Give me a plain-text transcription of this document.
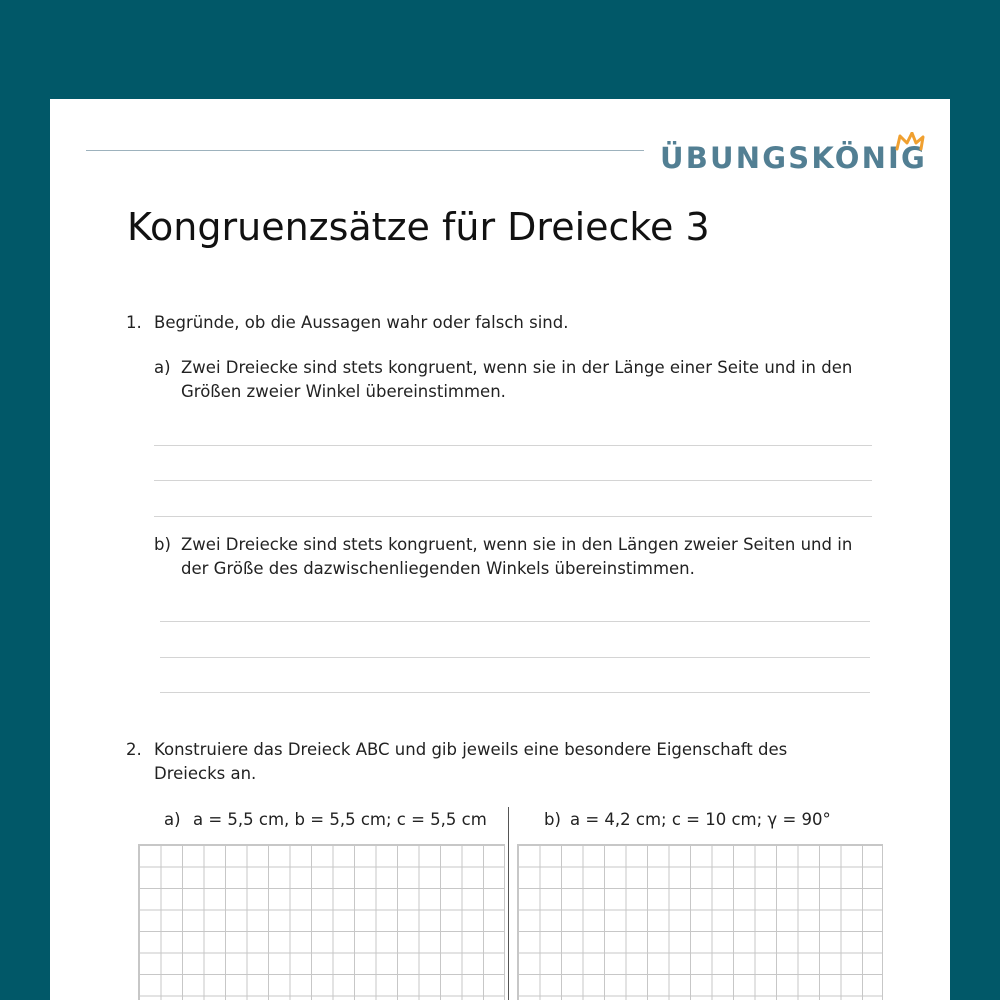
ÜBUNGSKÖNIG
Kongruenzsätze für Dreiecke 3
1. Begründe, ob die Aussagen wahr oder falsch sind.
a) Zwei Dreiecke sind stets kongruent, wenn sie in der Länge einer Seite und in den
Größen zweier Winkel übereinstimmen.
b) Zwei Dreiecke sind stets kongruent, wenn sie in den Längen zweier Seiten und in
der Größe des dazwischenliegenden Winkels übereinstimmen.
2. Konstruiere das Dreieck ABC und gib jeweils eine besondere Eigenschaft des
Dreiecks an.
a) a = 5,5 cm, b = 5,5 cm; c = 5,5 cm	b) a = 4,2 cm; c = 10 cm; γ = 90°
